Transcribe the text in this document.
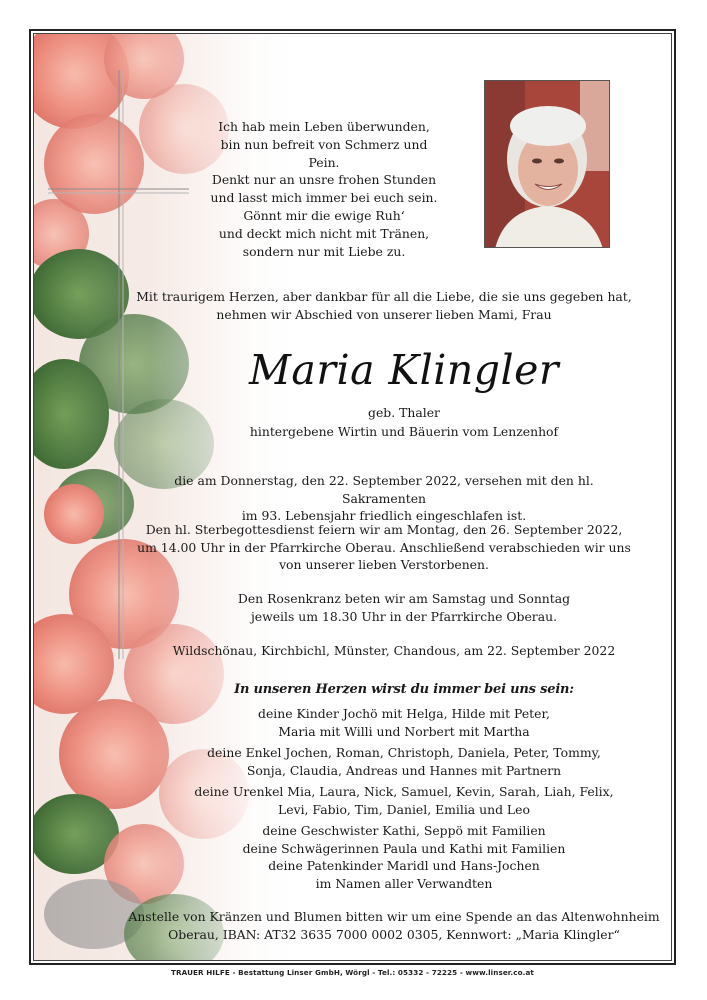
Ich hab mein Leben überwunden,
bin nun befreit von Schmerz und Pein.
Denkt nur an unsre frohen Stunden
und lasst mich immer bei euch sein.
Gönnt mir die ewige Ruh‘
und deckt mich nicht mit Tränen,
sondern nur mit Liebe zu.
Mit traurigem Herzen, aber dankbar für all die Liebe, die sie uns gegeben hat,
nehmen wir Abschied von unserer lieben Mami, Frau
Maria Klingler
geb. Thaler
hintergebene Wirtin und Bäuerin vom Lenzenhof
die am Donnerstag, den 22. September 2022, versehen mit den hl. Sakramenten
im 93. Lebensjahr friedlich eingeschlafen ist.
Den hl. Sterbegottesdienst feiern wir am Montag, den 26. September 2022,
um 14.00 Uhr in der Pfarrkirche Oberau. Anschließend verabschieden wir uns
von unserer lieben Verstorbenen.
Den Rosenkranz beten wir am Samstag und Sonntag
jeweils um 18.30 Uhr in der Pfarrkirche Oberau.
Wildschönau, Kirchbichl, Münster, Chandous, am 22. September 2022
In unseren Herzen wirst du immer bei uns sein:
deine Kinder Jochö mit Helga, Hilde mit Peter,
Maria mit Willi und Norbert mit Martha
deine Enkel Jochen, Roman, Christoph, Daniela, Peter, Tommy,
Sonja, Claudia, Andreas und Hannes mit Partnern
deine Urenkel Mia, Laura, Nick, Samuel, Kevin, Sarah, Liah, Felix,
Levi, Fabio, Tim, Daniel, Emilia und Leo
deine Geschwister Kathi, Seppö mit Familien
deine Schwägerinnen Paula und Kathi mit Familien
deine Patenkinder Maridl und Hans-Jochen
im Namen aller Verwandten
Anstelle von Kränzen und Blumen bitten wir um eine Spende an das Altenwohnheim
Oberau, IBAN: AT32 3635 7000 0002 0305, Kennwort: „Maria Klingler“
TRAUER HILFE - Bestattung Linser GmbH, Wörgl - Tel.: 05332 - 72225 - www.linser.co.at
